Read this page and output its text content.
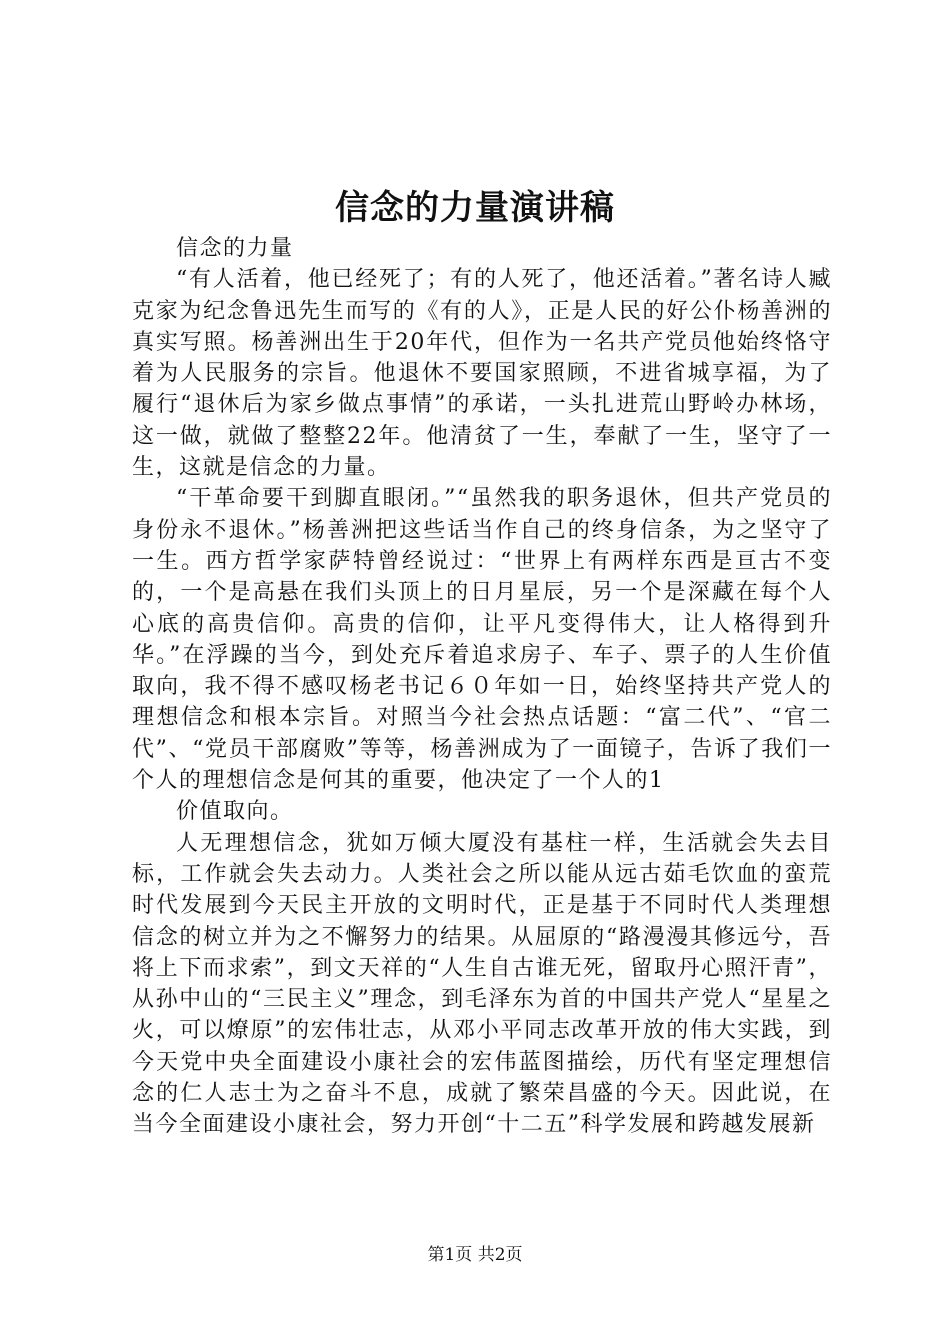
信念的力量演讲稿

信念的力量

“有人活着，他已经死了；有的人死了，他还活着。”著名诗人臧克家为纪念鲁迅先生而写的《有的人》，正是人民的好公仆杨善洲的真实写照。杨善洲出生于20年代，但作为一名共产党员他始终恪守着为人民服务的宗旨。他退休不要国家照顾，不进省城享福，为了履行“退休后为家乡做点事情”的承诺，一头扎进荒山野岭办林场，这一做，就做了整整22年。他清贫了一生，奉献了一生，坚守了一生，这就是信念的力量。

“干革命要干到脚直眼闭。”“虽然我的职务退休，但共产党员的身份永不退休。”杨善洲把这些话当作自己的终身信条，为之坚守了一生。西方哲学家萨特曾经说过：“世界上有两样东西是亘古不变的，一个是高悬在我们头顶上的日月星辰，另一个是深藏在每个人心底的高贵信仰。高贵的信仰，让平凡变得伟大，让人格得到升华。”在浮躁的当今，到处充斥着追求房子、车子、票子的人生价值取向，我不得不感叹杨老书记６０年如一日，始终坚持共产党人的理想信念和根本宗旨。对照当今社会热点话题：“富二代”、“官二代”、“党员干部腐败”等等，杨善洲成为了一面镜子，告诉了我们一个人的理想信念是何其的重要，他决定了一个人的1

价值取向。

人无理想信念，犹如万倾大厦没有基柱一样，生活就会失去目标，工作就会失去动力。人类社会之所以能从远古茹毛饮血的蛮荒时代发展到今天民主开放的文明时代，正是基于不同时代人类理想信念的树立并为之不懈努力的结果。从屈原的“路漫漫其修远兮，吾将上下而求索”，到文天祥的“人生自古谁无死，留取丹心照汗青”，从孙中山的“三民主义”理念，到毛泽东为首的中国共产党人“星星之火，可以燎原”的宏伟壮志，从邓小平同志改革开放的伟大实践，到今天党中央全面建设小康社会的宏伟蓝图描绘，历代有坚定理想信念的仁人志士为之奋斗不息，成就了繁荣昌盛的今天。因此说，在当今全面建设小康社会，努力开创“十二五”科学发展和跨越发展新

第1页 共2页
